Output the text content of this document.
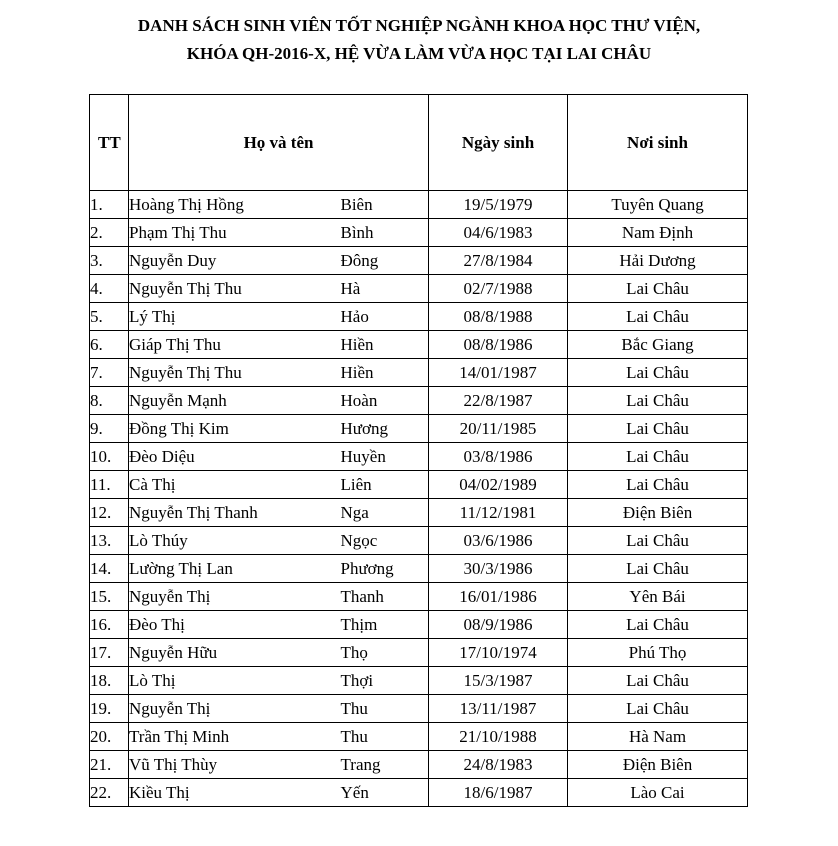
DANH SÁCH SINH VIÊN TỐT NGHIỆP NGÀNH KHOA HỌC THƯ VIỆN,
KHÓA QH-2016-X, HỆ VỪA LÀM VỪA HỌC TẠI LAI CHÂU
TT	Họ và tên		Ngày sinh	Nơi sinh
1.	Hoàng Thị Hồng	Biên	19/5/1979	Tuyên Quang
2.	Phạm Thị Thu	Bình	04/6/1983	Nam Định
3.	Nguyễn Duy	Đông	27/8/1984	Hải Dương
4.	Nguyễn Thị Thu	Hà	02/7/1988	Lai Châu
5.	Lý Thị	Hảo	08/8/1988	Lai Châu
6.	Giáp Thị Thu	Hiền	08/8/1986	Bắc Giang
7.	Nguyễn Thị Thu	Hiền	14/01/1987	Lai Châu
8.	Nguyễn Mạnh	Hoàn	22/8/1987	Lai Châu
9.	Đồng Thị Kim	Hương	20/11/1985	Lai Châu
10.	Đèo Diệu	Huyền	03/8/1986	Lai Châu
11.	Cà Thị	Liên	04/02/1989	Lai Châu
12.	Nguyễn Thị Thanh	Nga	11/12/1981	Điện Biên
13.	Lò Thúy	Ngọc	03/6/1986	Lai Châu
14.	Lường Thị Lan	Phương	30/3/1986	Lai Châu
15.	Nguyễn Thị	Thanh	16/01/1986	Yên Bái
16.	Đèo Thị	Thịm	08/9/1986	Lai Châu
17.	Nguyễn Hữu	Thọ	17/10/1974	Phú Thọ
18.	Lò Thị	Thợi	15/3/1987	Lai Châu
19.	Nguyễn Thị	Thu	13/11/1987	Lai Châu
20.	Trần Thị Minh	Thu	21/10/1988	Hà Nam
21.	Vũ Thị Thùy	Trang	24/8/1983	Điện Biên
22.	Kiều Thị	Yến	18/6/1987	Lào Cai
